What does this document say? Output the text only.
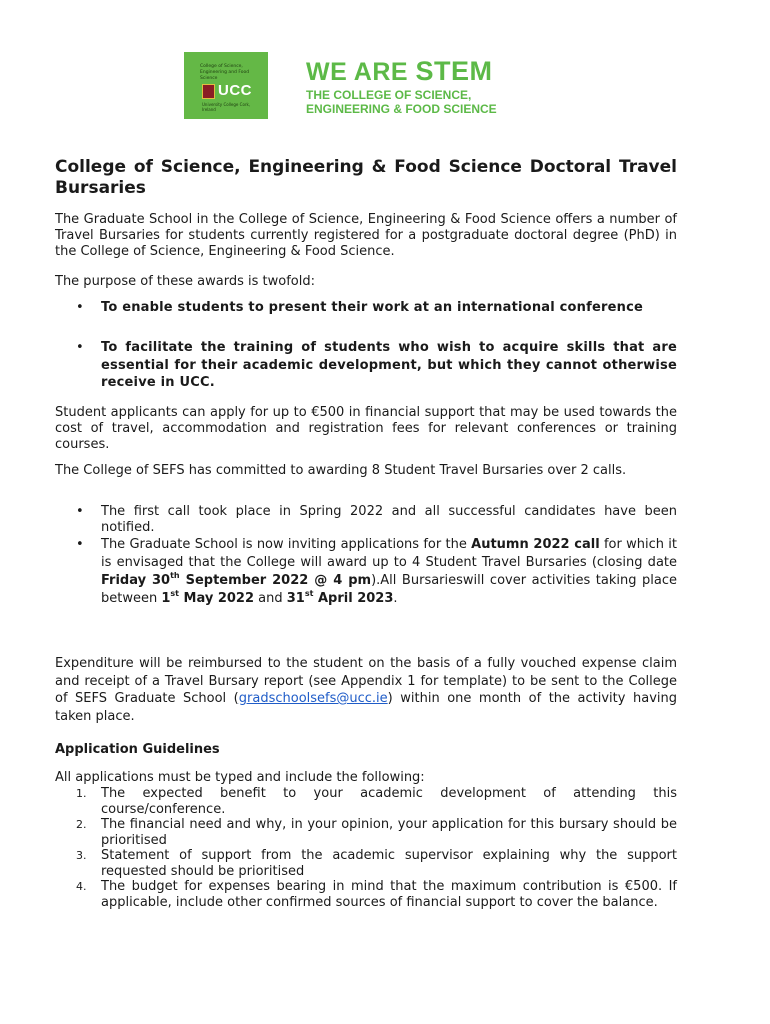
College of Science, Engineering and Food Science
UCC
University College Cork, Ireland
WE ARE STEM
THE COLLEGE OF SCIENCE,
ENGINEERING & FOOD SCIENCE
College of Science, Engineering & Food Science Doctoral Travel Bursaries

The Graduate School in the College of Science, Engineering & Food Science offers a number of Travel Bursaries for students currently registered for a postgraduate doctoral degree (PhD) in the College of Science, Engineering & Food Science.

The purpose of these awards is twofold:

•	To enable students to present their work at an international conference
•	To facilitate the training of students who wish to acquire skills that are essential for their academic development, but which they cannot otherwise receive in UCC.

Student applicants can apply for up to €500 in financial support that may be used towards the cost of travel, accommodation and registration fees for relevant conferences or training courses.

The College of SEFS has committed to awarding 8 Student Travel Bursaries over 2 calls.

•	The first call took place in Spring 2022 and all successful candidates have been notified.
•	The Graduate School is now inviting applications for the Autumn 2022 call for which it is envisaged that the College will award up to 4 Student Travel Bursaries (closing date Friday 30th September 2022 @ 4 pm).All Bursarieswill cover activities taking place between 1st May 2022 and 31st April 2023.

Expenditure will be reimbursed to the student on the basis of a fully vouched expense claim and receipt of a Travel Bursary report (see Appendix 1 for template) to be sent to the College of SEFS Graduate School (gradschoolsefs@ucc.ie) within one month of the activity having taken place.

Application Guidelines

All applications must be typed and include the following:

1. The expected benefit to your academic development of attending this course/conference.
2. The financial need and why, in your opinion, your application for this bursary should be prioritised
3. Statement of support from the academic supervisor explaining why the support requested should be prioritised
4. The budget for expenses bearing in mind that the maximum contribution is €500. If applicable, include other confirmed sources of financial support to cover the balance.
